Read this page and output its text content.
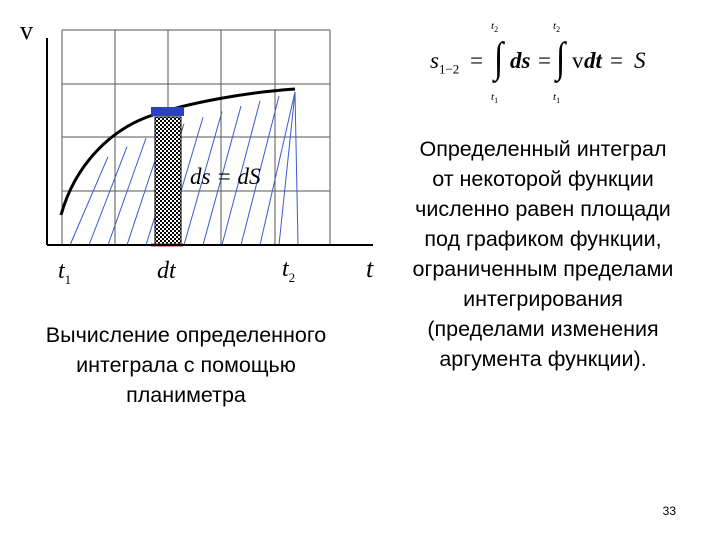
v
t
$t_1$	$t_2$
dt
ds = dS
$s_{1-2}$ = ∫
$t_2$
$t_1$
ds = ∫
$t_2$
$t_1$
v dt = S
Определенный интеграл
от некоторой функции
численно равен площади
под графиком функции,
ограниченным пределами
интегрирования
(пределами изменения
аргумента функции).
Вычисление определенного
интеграла с помощью
планиметра
33
